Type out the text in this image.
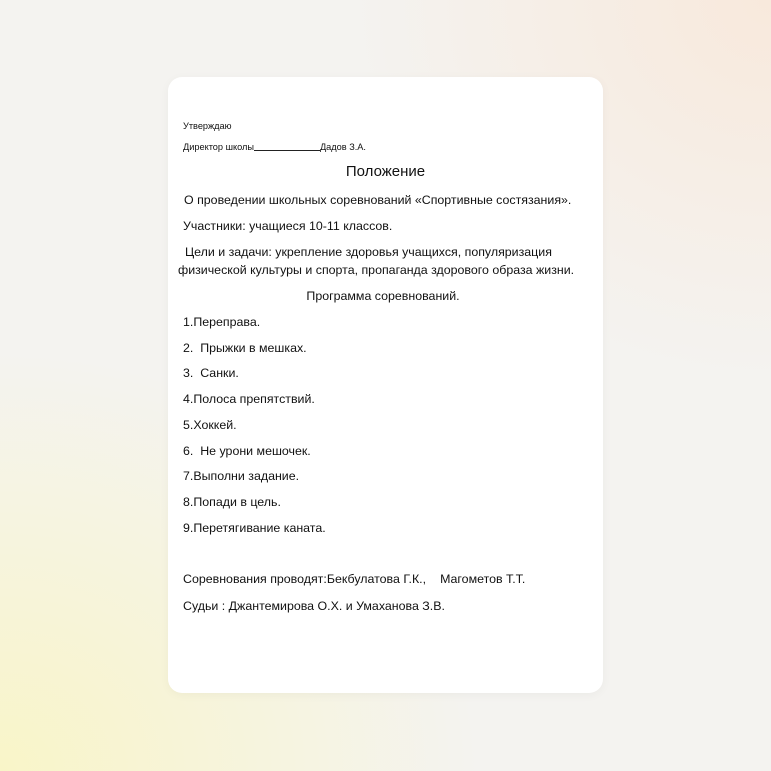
Утверждаю
Директор школы	Дадов З.А.
Положение
О проведении школьных соревнований «Спортивные состязания».
Участники: учащиеся 10-11 классов.
Цели и задачи: укрепление здоровья учащихся, популяризация
физической культуры и спорта, пропаганда здорового образа жизни.
Программа соревнований.
1.Переправа.
2.  Прыжки в мешках.
3.  Санки.
4.Полоса препятствий.
5.Хоккей.
6.  Не урони мешочек.
7.Выполни задание.
8.Попади в цель.
9.Перетягивание каната.
Соревнования проводят:Бекбулатова Г.К., Магометов Т.Т.
Судьи : Джантемирова О.Х. и Умаханова З.В.
